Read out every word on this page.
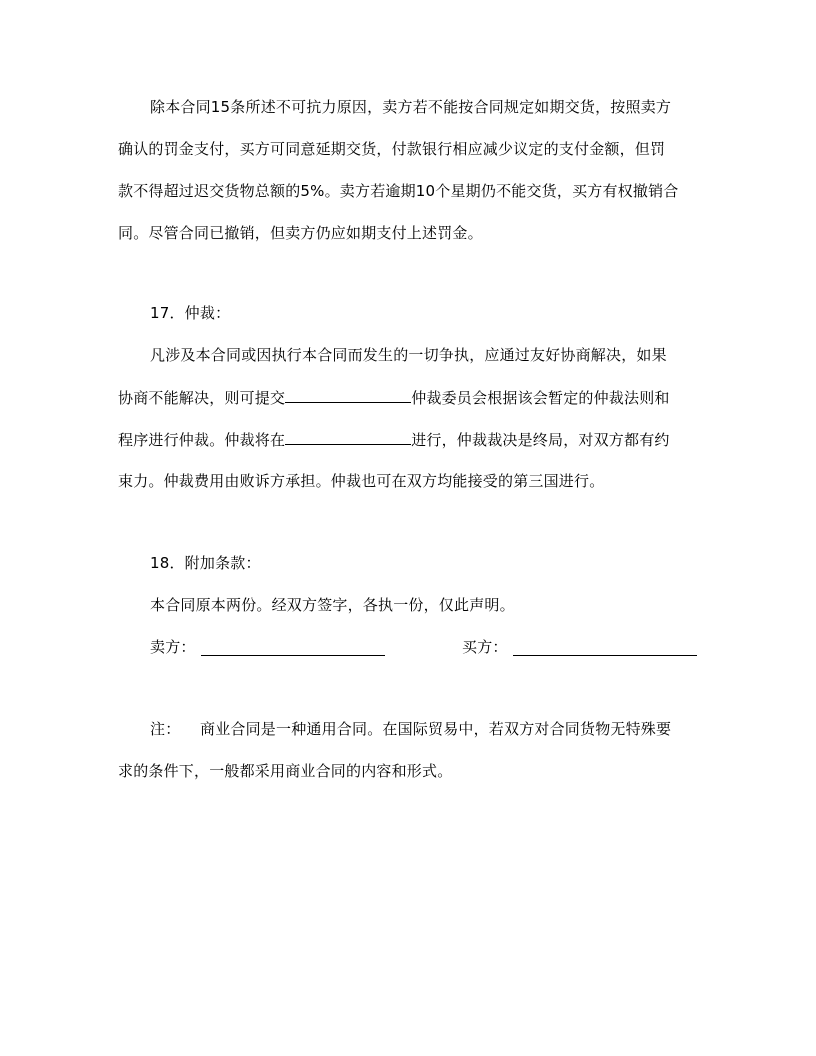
除本合同15条所述不可抗力原因，卖方若不能按合同规定如期交货，按照卖方
确认的罚金支付，买方可同意延期交货，付款银行相应减少议定的支付金额，但罚
款不得超过迟交货物总额的5%。卖方若逾期10个星期仍不能交货，买方有权撤销合
同。尽管合同已撤销，但卖方仍应如期支付上述罚金。
17．仲裁：
凡涉及本合同或因执行本合同而发生的一切争执，应通过友好协商解决，如果
协商不能解决，则可提交	仲裁委员会根据该会暂定的仲裁法则和
程序进行仲裁。仲裁将在	进行，仲裁裁决是终局，对双方都有约
束力。仲裁费用由败诉方承担。仲裁也可在双方均能接受的第三国进行。
18．附加条款：
本合同原本两份。经双方签字，各执一份，仅此声明。
卖方：	买方：
注： 商业合同是一种通用合同。在国际贸易中，若双方对合同货物无特殊要
求的条件下，一般都采用商业合同的内容和形式。
